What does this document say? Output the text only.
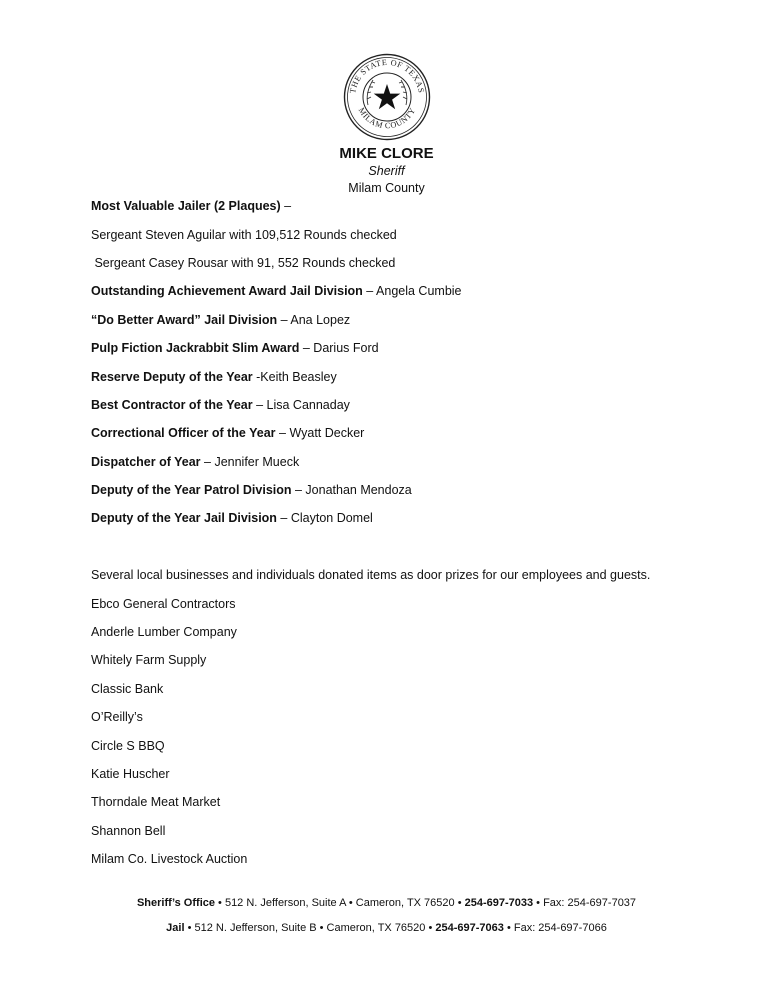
THE STATE OF TEXAS
MILAM COUNTY
MIKE CLORE
Sheriff
Milam County
Most Valuable Jailer (2 Plaques) –
Sergeant Steven Aguilar with 109,512 Rounds checked
Sergeant Casey Rousar with 91, 552 Rounds checked
Outstanding Achievement Award Jail Division – Angela Cumbie
“Do Better Award” Jail Division – Ana Lopez
Pulp Fiction Jackrabbit Slim Award – Darius Ford
Reserve Deputy of the Year -Keith Beasley
Best Contractor of the Year – Lisa Cannaday
Correctional Officer of the Year – Wyatt Decker
Dispatcher of Year – Jennifer Mueck
Deputy of the Year Patrol Division – Jonathan Mendoza
Deputy of the Year Jail Division – Clayton Domel
Several local businesses and individuals donated items as door prizes for our employees and guests.
Ebco General Contractors
Anderle Lumber Company
Whitely Farm Supply
Classic Bank
O’Reilly’s
Circle S BBQ
Katie Huscher
Thorndale Meat Market
Shannon Bell
Milam Co. Livestock Auction
Sheriff’s Office • 512 N. Jefferson, Suite A • Cameron, TX 76520 • 254-697-7033 • Fax: 254-697-7037
Jail • 512 N. Jefferson, Suite B • Cameron, TX 76520 • 254-697-7063 • Fax: 254-697-7066
